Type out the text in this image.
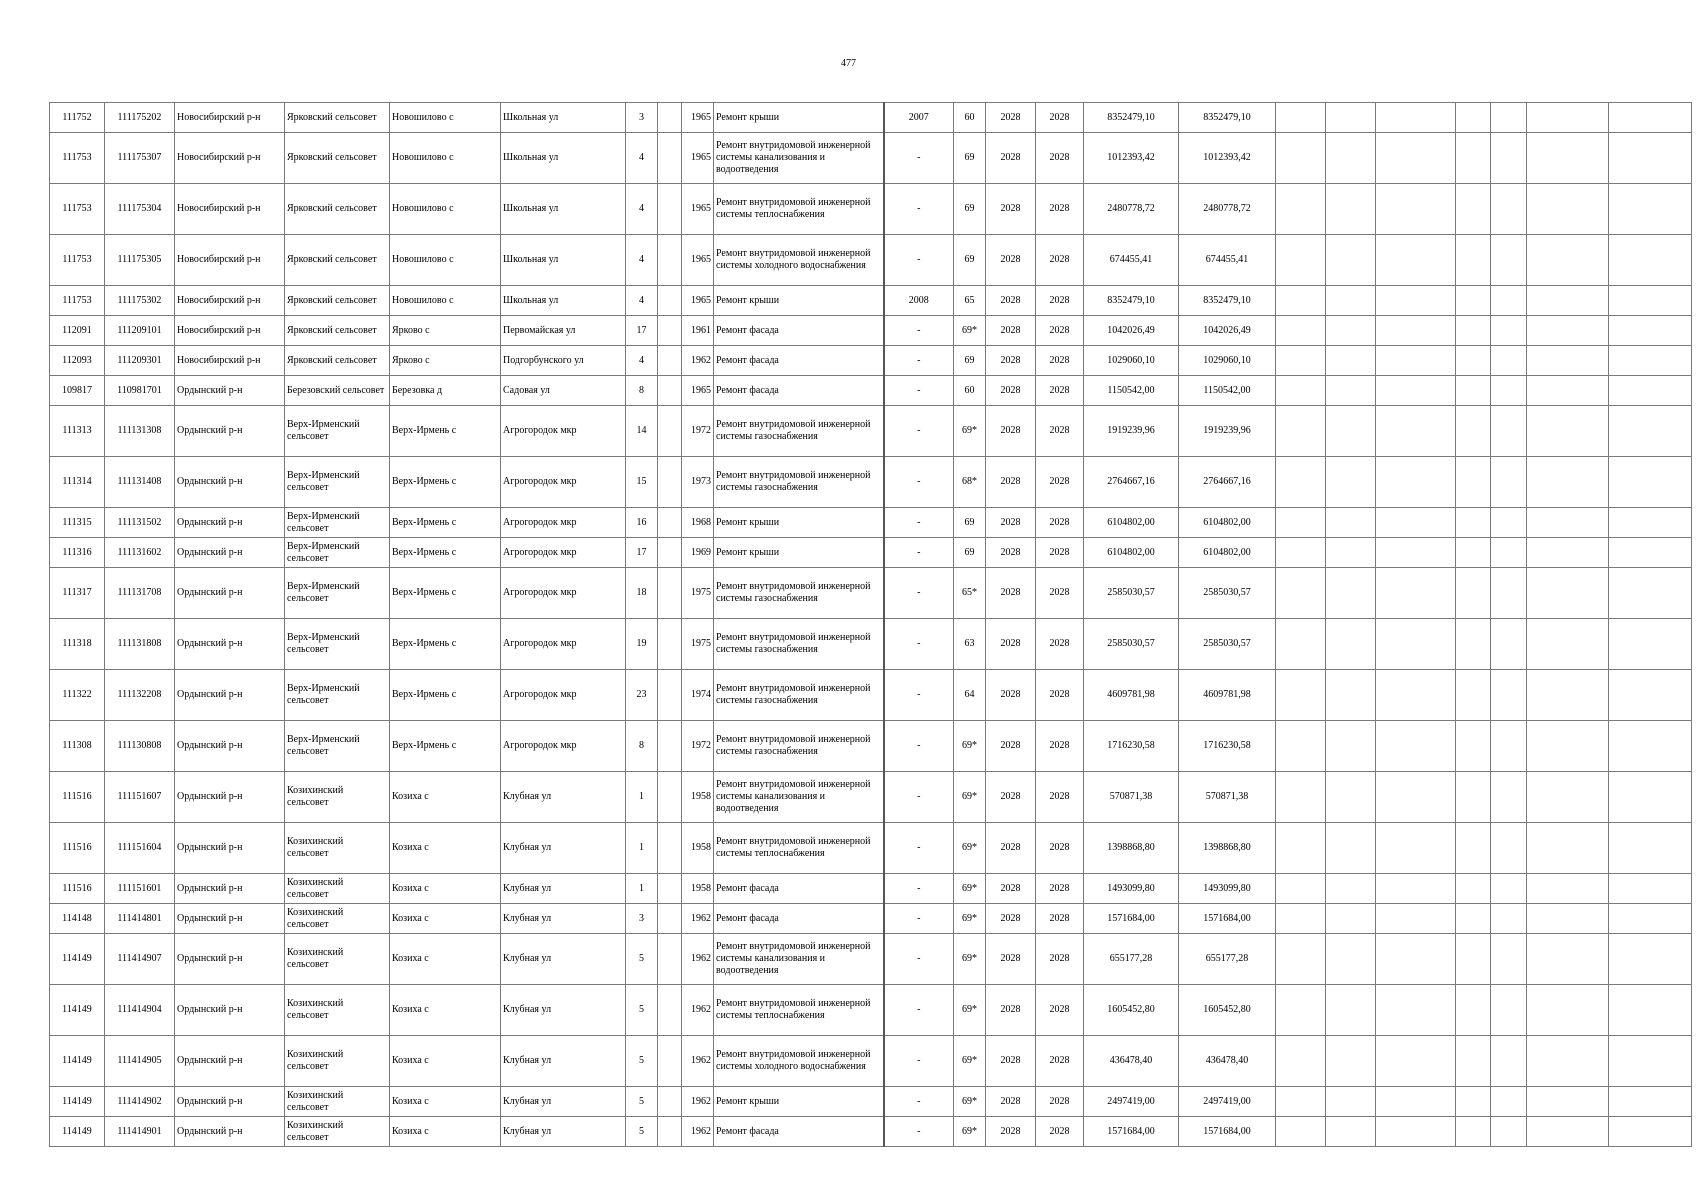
477
111752	111175202	Новосибирский р-н	Ярковский сельсовет	Новошилово с	Школьная ул	3		1965	Ремонт крыши	2007	60	2028	2028	8352479,10	8352479,10							
111753	111175307	Новосибирский р-н	Ярковский сельсовет	Новошилово с	Школьная ул	4		1965	Ремонт внутридомовой инженерной системы канализования и водоотведения	-	69	2028	2028	1012393,42	1012393,42							
111753	111175304	Новосибирский р-н	Ярковский сельсовет	Новошилово с	Школьная ул	4		1965	Ремонт внутридомовой инженерной системы теплоснабжения	-	69	2028	2028	2480778,72	2480778,72							
111753	111175305	Новосибирский р-н	Ярковский сельсовет	Новошилово с	Школьная ул	4		1965	Ремонт внутридомовой инженерной системы холодного водоснабжения	-	69	2028	2028	674455,41	674455,41							
111753	111175302	Новосибирский р-н	Ярковский сельсовет	Новошилово с	Школьная ул	4		1965	Ремонт крыши	2008	65	2028	2028	8352479,10	8352479,10							
112091	111209101	Новосибирский р-н	Ярковский сельсовет	Ярково с	Первомайская ул	17		1961	Ремонт фасада	-	69*	2028	2028	1042026,49	1042026,49							
112093	111209301	Новосибирский р-н	Ярковский сельсовет	Ярково с	Подгорбунского ул	4		1962	Ремонт фасада	-	69	2028	2028	1029060,10	1029060,10							
109817	110981701	Ордынский р-н	Березовский сельсовет	Березовка д	Садовая ул	8		1965	Ремонт фасада	-	60	2028	2028	1150542,00	1150542,00							
111313	111131308	Ордынский р-н	Верх-Ирменский сельсовет	Верх-Ирмень с	Агрогородок мкр	14		1972	Ремонт внутридомовой инженерной системы газоснабжения	-	69*	2028	2028	1919239,96	1919239,96							
111314	111131408	Ордынский р-н	Верх-Ирменский сельсовет	Верх-Ирмень с	Агрогородок мкр	15		1973	Ремонт внутридомовой инженерной системы газоснабжения	-	68*	2028	2028	2764667,16	2764667,16							
111315	111131502	Ордынский р-н	Верх-Ирменский сельсовет	Верх-Ирмень с	Агрогородок мкр	16		1968	Ремонт крыши	-	69	2028	2028	6104802,00	6104802,00							
111316	111131602	Ордынский р-н	Верх-Ирменский сельсовет	Верх-Ирмень с	Агрогородок мкр	17		1969	Ремонт крыши	-	69	2028	2028	6104802,00	6104802,00							
111317	111131708	Ордынский р-н	Верх-Ирменский сельсовет	Верх-Ирмень с	Агрогородок мкр	18		1975	Ремонт внутридомовой инженерной системы газоснабжения	-	65*	2028	2028	2585030,57	2585030,57							
111318	111131808	Ордынский р-н	Верх-Ирменский сельсовет	Верх-Ирмень с	Агрогородок мкр	19		1975	Ремонт внутридомовой инженерной системы газоснабжения	-	63	2028	2028	2585030,57	2585030,57							
111322	111132208	Ордынский р-н	Верх-Ирменский сельсовет	Верх-Ирмень с	Агрогородок мкр	23		1974	Ремонт внутридомовой инженерной системы газоснабжения	-	64	2028	2028	4609781,98	4609781,98							
111308	111130808	Ордынский р-н	Верх-Ирменский сельсовет	Верх-Ирмень с	Агрогородок мкр	8		1972	Ремонт внутридомовой инженерной системы газоснабжения	-	69*	2028	2028	1716230,58	1716230,58							
111516	111151607	Ордынский р-н	Козихинский сельсовет	Козиха с	Клубная ул	1		1958	Ремонт внутридомовой инженерной системы канализования и водоотведения	-	69*	2028	2028	570871,38	570871,38							
111516	111151604	Ордынский р-н	Козихинский сельсовет	Козиха с	Клубная ул	1		1958	Ремонт внутридомовой инженерной системы теплоснабжения	-	69*	2028	2028	1398868,80	1398868,80							
111516	111151601	Ордынский р-н	Козихинский сельсовет	Козиха с	Клубная ул	1		1958	Ремонт фасада	-	69*	2028	2028	1493099,80	1493099,80							
114148	111414801	Ордынский р-н	Козихинский сельсовет	Козиха с	Клубная ул	3		1962	Ремонт фасада	-	69*	2028	2028	1571684,00	1571684,00							
114149	111414907	Ордынский р-н	Козихинский сельсовет	Козиха с	Клубная ул	5		1962	Ремонт внутридомовой инженерной системы канализования и водоотведения	-	69*	2028	2028	655177,28	655177,28							
114149	111414904	Ордынский р-н	Козихинский сельсовет	Козиха с	Клубная ул	5		1962	Ремонт внутридомовой инженерной системы теплоснабжения	-	69*	2028	2028	1605452,80	1605452,80							
114149	111414905	Ордынский р-н	Козихинский сельсовет	Козиха с	Клубная ул	5		1962	Ремонт внутридомовой инженерной системы холодного водоснабжения	-	69*	2028	2028	436478,40	436478,40							
114149	111414902	Ордынский р-н	Козихинский сельсовет	Козиха с	Клубная ул	5		1962	Ремонт крыши	-	69*	2028	2028	2497419,00	2497419,00							
114149	111414901	Ордынский р-н	Козихинский сельсовет	Козиха с	Клубная ул	5		1962	Ремонт фасада	-	69*	2028	2028	1571684,00	1571684,00							
